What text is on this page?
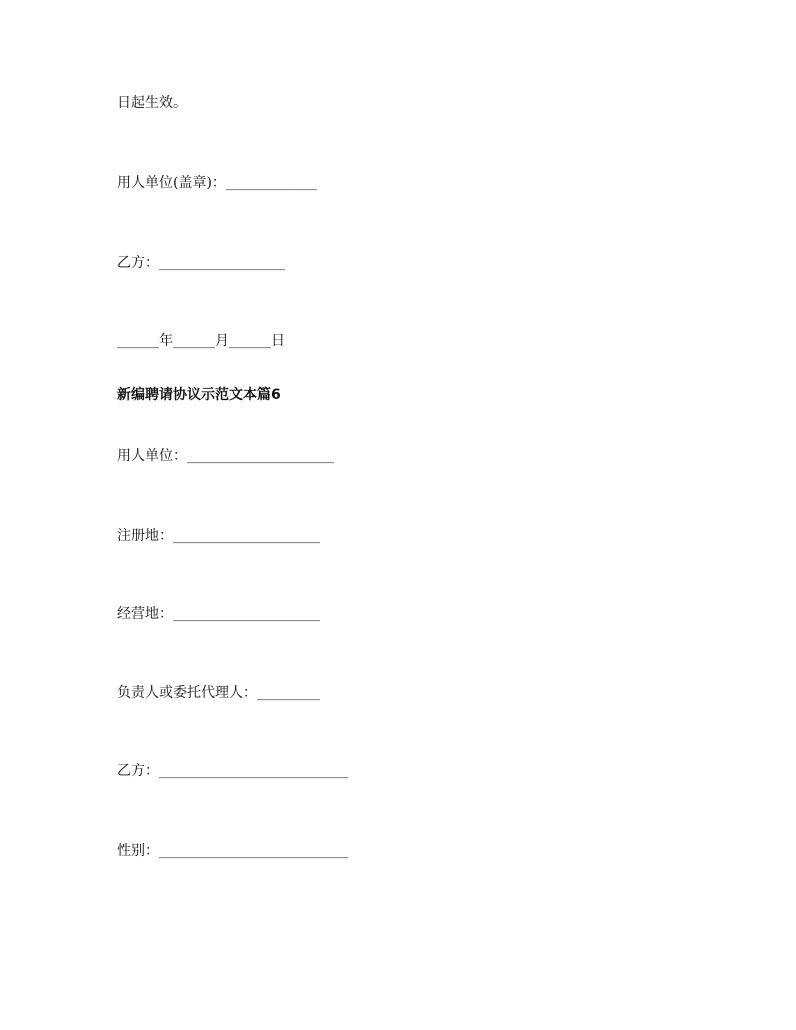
日起生效。
用人单位(盖章)：_____________
乙方：__________________
______年______月______日
新编聘请协议示范文本篇6
用人单位：_____________________
注册地：_____________________
经营地：_____________________
负责人或委托代理人：_________
乙方：___________________________
性别：___________________________
